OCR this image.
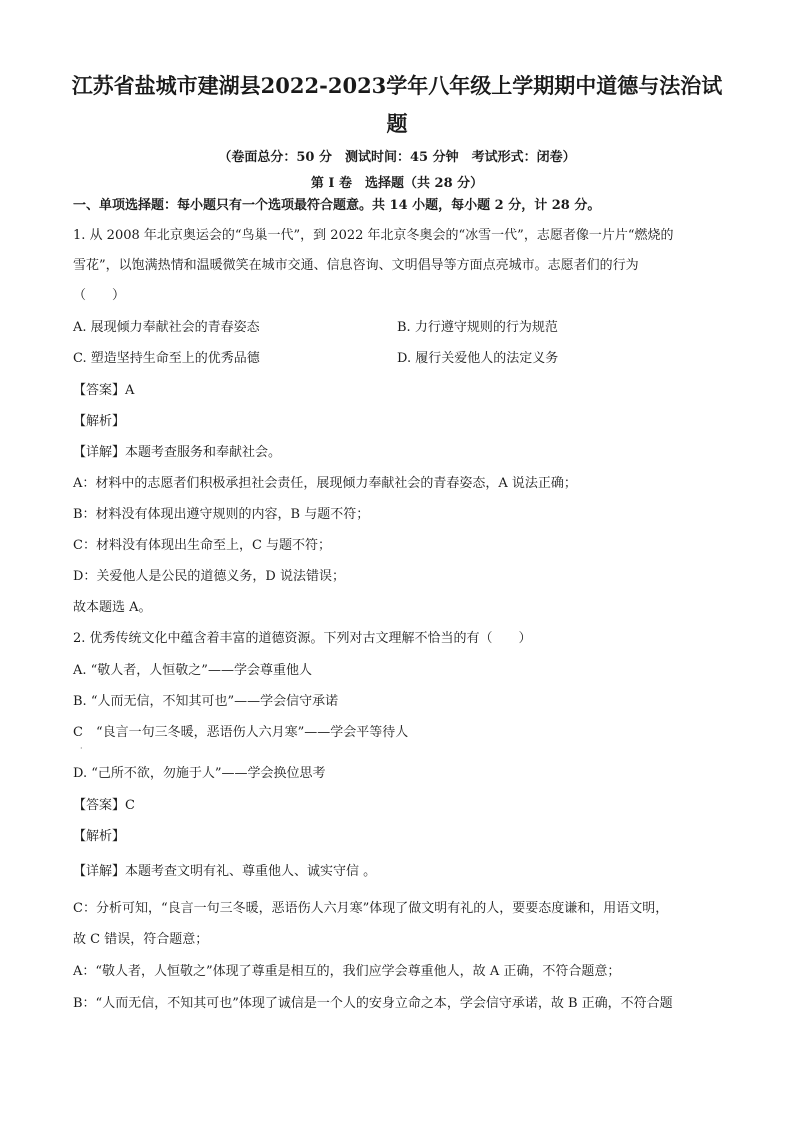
江苏省盐城市建湖县2022-2023学年八年级上学期期中道德与法治试
题
（卷面总分：50 分　测试时间：45 分钟　考试形式：闭卷）
第 I 卷　选择题（共 28 分）
一、单项选择题：每小题只有一个选项最符合题意。共 14 小题，每小题 2 分，计 28 分。
1. 从 2008 年北京奥运会的“鸟巢一代”，到 2022 年北京冬奥会的“冰雪一代”，志愿者像一片片“燃烧的
雪花”，以饱满热情和温暖微笑在城市交通、信息咨询、文明倡导等方面点亮城市。志愿者们的行为
（　　）
A. 展现倾力奉献社会的青春姿态	B. 力行遵守规则的行为规范
C. 塑造坚持生命至上的优秀品德	D. 履行关爱他人的法定义务
【答案】A
【解析】
【详解】本题考查服务和奉献社会。
A：材料中的志愿者们积极承担社会责任，展现倾力奉献社会的青春姿态，A 说法正确；
B：材料没有体现出遵守规则的内容，B 与题不符；
C：材料没有体现出生命至上，C 与题不符；
D：关爱他人是公民的道德义务，D 说法错误；
故本题选 A。
2. 优秀传统文化中蕴含着丰富的道德资源。下列对古文理解不恰当的有（　　）
A. “敬人者，人恒敬之”——学会尊重他人
B. “人而无信，不知其可也”——学会信守承诺
C　“良言一句三冬暖，恶语伤人六月寒”——学会平等待人
·
D. “己所不欲，勿施于人”——学会换位思考
【答案】C
【解析】
【详解】本题考查文明有礼、尊重他人、诚实守信 。
C：分析可知，“良言一句三冬暖，恶语伤人六月寒”体现了做文明有礼的人，要要态度谦和，用语文明，
故 C 错误，符合题意；
A：“敬人者，人恒敬之”体现了尊重是相互的，我们应学会尊重他人，故 A 正确，不符合题意；
B：“人而无信，不知其可也”体现了诚信是一个人的安身立命之本，学会信守承诺，故 B 正确，不符合题
